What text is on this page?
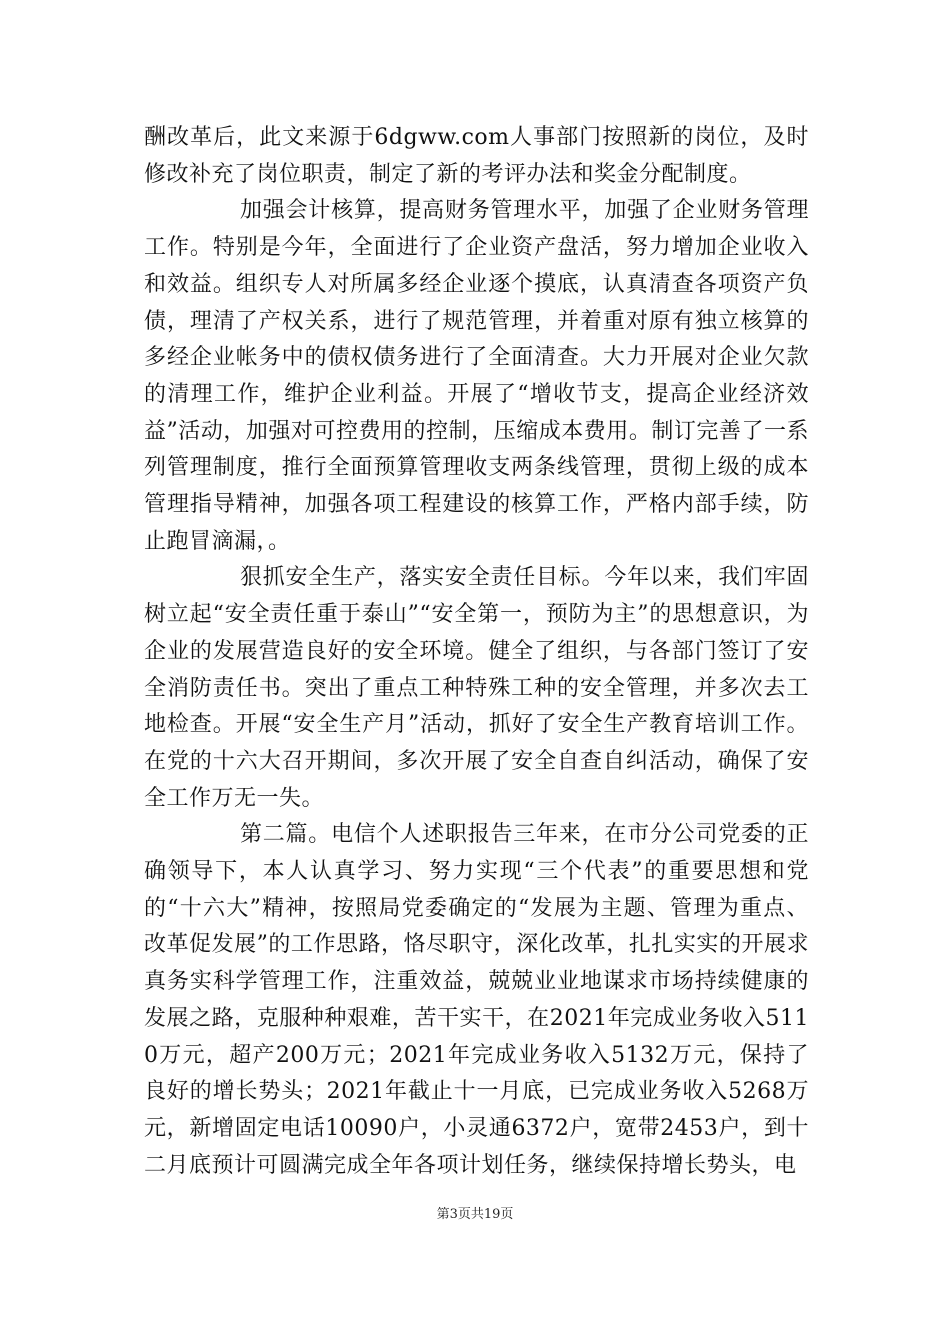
酬改革后，此文来源于6dgww.com人事部门按照新的岗位，及时修改补充了岗位职责，制定了新的考评办法和奖金分配制度。

加强会计核算，提高财务管理水平，加强了企业财务管理工作。特别是今年，全面进行了企业资产盘活，努力增加企业收入和效益。组织专人对所属多经企业逐个摸底，认真清查各项资产负债，理清了产权关系，进行了规范管理，并着重对原有独立核算的多经企业帐务中的债权债务进行了全面清查。大力开展对企业欠款的清理工作，维护企业利益。开展了“增收节支，提高企业经济效益”活动，加强对可控费用的控制，压缩成本费用。制订完善了一系列管理制度，推行全面预算管理收支两条线管理，贯彻上级的成本管理指导精神，加强各项工程建设的核算工作，严格内部手续，防止跑冒滴漏，。

狠抓安全生产，落实安全责任目标。今年以来，我们牢固树立起“安全责任重于泰山”“安全第一，预防为主”的思想意识，为企业的发展营造良好的安全环境。健全了组织，与各部门签订了安全消防责任书。突出了重点工种特殊工种的安全管理，并多次去工地检查。开展“安全生产月”活动，抓好了安全生产教育培训工作。在党的十六大召开期间，多次开展了安全自查自纠活动，确保了安全工作万无一失。

第二篇。电信个人述职报告三年来，在市分公司党委的正确领导下，本人认真学习、努力实现“三个代表”的重要思想和党的“十六大”精神，按照局党委确定的“发展为主题、管理为重点、改革促发展”的工作思路，恪尽职守，深化改革，扎扎实实的开展求真务实科学管理工作，注重效益，兢兢业业地谋求市场持续健康的发展之路，克服种种艰难，苦干实干，在2021年完成业务收入5110万元，超产200万元；2021年完成业务收入5132万元，保持了良好的增长势头；2021年截止十一月底，已完成业务收入5268万元，新增固定电话10090户，小灵通6372户，宽带2453户，到十二月底预计可圆满完成全年各项计划任务，继续保持增长势头，电

第3页共19页
